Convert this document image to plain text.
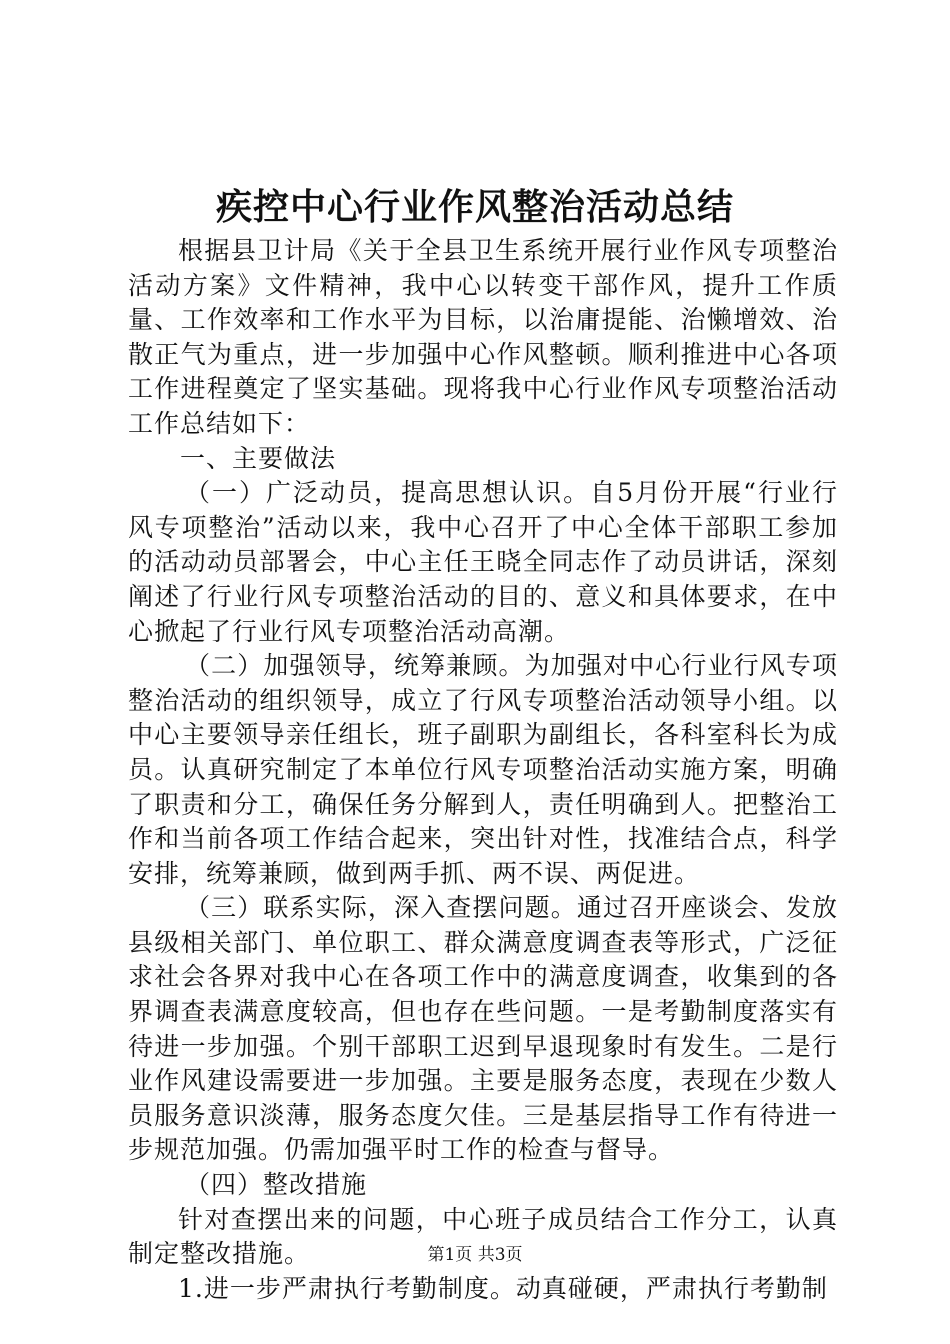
疾控中心行业作风整治活动总结

根据县卫计局《关于全县卫生系统开展行业作风专项整治活动方案》文件精神，我中心以转变干部作风，提升工作质量、工作效率和工作水平为目标，以治庸提能、治懒增效、治散正气为重点，进一步加强中心作风整顿。顺利推进中心各项工作进程奠定了坚实基础。现将我中心行业作风专项整治活动工作总结如下：

一、主要做法

（一）广泛动员，提高思想认识。自5月份开展“行业行风专项整治”活动以来，我中心召开了中心全体干部职工参加的活动动员部署会，中心主任王晓全同志作了动员讲话，深刻阐述了行业行风专项整治活动的目的、意义和具体要求，在中心掀起了行业行风专项整治活动高潮。

（二）加强领导，统筹兼顾。为加强对中心行业行风专项整治活动的组织领导，成立了行风专项整治活动领导小组。以中心主要领导亲任组长，班子副职为副组长，各科室科长为成员。认真研究制定了本单位行风专项整治活动实施方案，明确了职责和分工，确保任务分解到人，责任明确到人。把整治工作和当前各项工作结合起来，突出针对性，找准结合点，科学安排，统筹兼顾，做到两手抓、两不误、两促进。

（三）联系实际，深入查摆问题。通过召开座谈会、发放县级相关部门、单位职工、群众满意度调查表等形式，广泛征求社会各界对我中心在各项工作中的满意度调查，收集到的各界调查表满意度较高，但也存在些问题。一是考勤制度落实有待进一步加强。个别干部职工迟到早退现象时有发生。二是行业作风建设需要进一步加强。主要是服务态度，表现在少数人员服务意识淡薄，服务态度欠佳。三是基层指导工作有待进一步规范加强。仍需加强平时工作的检查与督导。

（四）整改措施

针对查摆出来的问题，中心班子成员结合工作分工，认真制定整改措施。

1.进一步严肃执行考勤制度。动真碰硬，严肃执行考勤制

第1页 共3页
